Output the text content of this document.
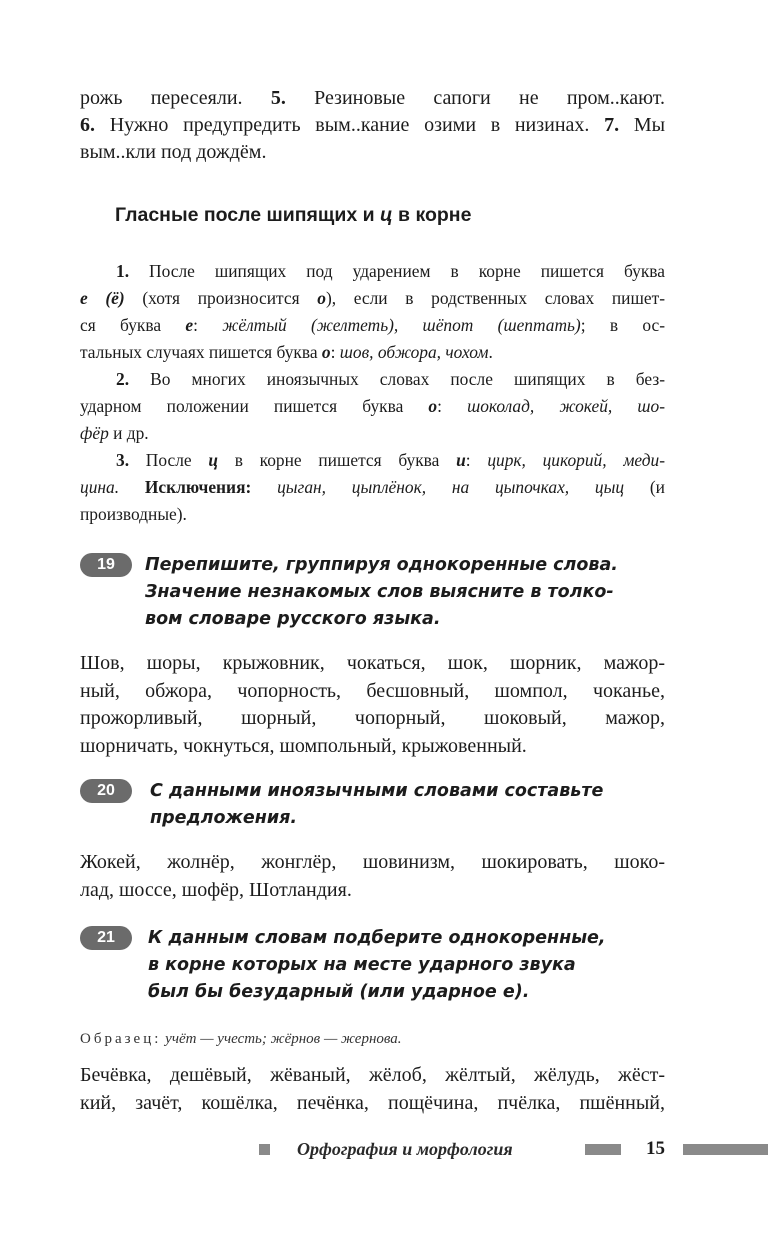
рожь пересеяли. 5. Резиновые сапоги не пром..кают.

6. Нужно предупредить вым..кание озими в низинах. 7. Мы

вым..кли под дождём.

Гласные после шипящих и ц в корне

1. После шипящих под ударением в корне пишется буква

е (ё) (хотя произносится о), если в родственных словах пишет-

ся буква е: жёлтый (желтеть), шёпот (шептать); в ос-

тальных случаях пишется буква о: шов, обжора, чохом.

2. Во многих иноязычных словах после шипящих в без-

ударном положении пишется буква о: шоколад, жокей, шо-

фёр и др.

3. После ц в корне пишется буква и: цирк, цикорий, меди-

цина. Исключения: цыган, цыплёнок, на цыпочках, цыц (и

производные).

19	Перепишите, группируя однокоренные слова.
Значение незнакомых слов выясните в толко-
вом словаре русского языка.

Шов, шоры, крыжовник, чокаться, шок, шорник, мажор-

ный, обжора, чопорность, бесшовный, шомпол, чоканье,

прожорливый, шорный, чопорный, шоковый, мажор,

шорничать, чокнуться, шомпольный, крыжовенный.

20	С данными иноязычными словами составьте
предложения.

Жокей, жолнёр, жонглёр, шовинизм, шокировать, шоко-

лад, шоссе, шофёр, Шотландия.

21	К данным словам подберите однокоренные,
в корне которых на месте ударного звука
был бы безударный (или ударное е).

Образец: учёт — учесть; жёрнов — жернова.

Бечёвка, дешёвый, жёваный, жёлоб, жёлтый, жёлудь, жёст-

кий, зачёт, кошёлка, печёнка, пощёчина, пчёлка, пшённый,

Орфография и морфология	15
